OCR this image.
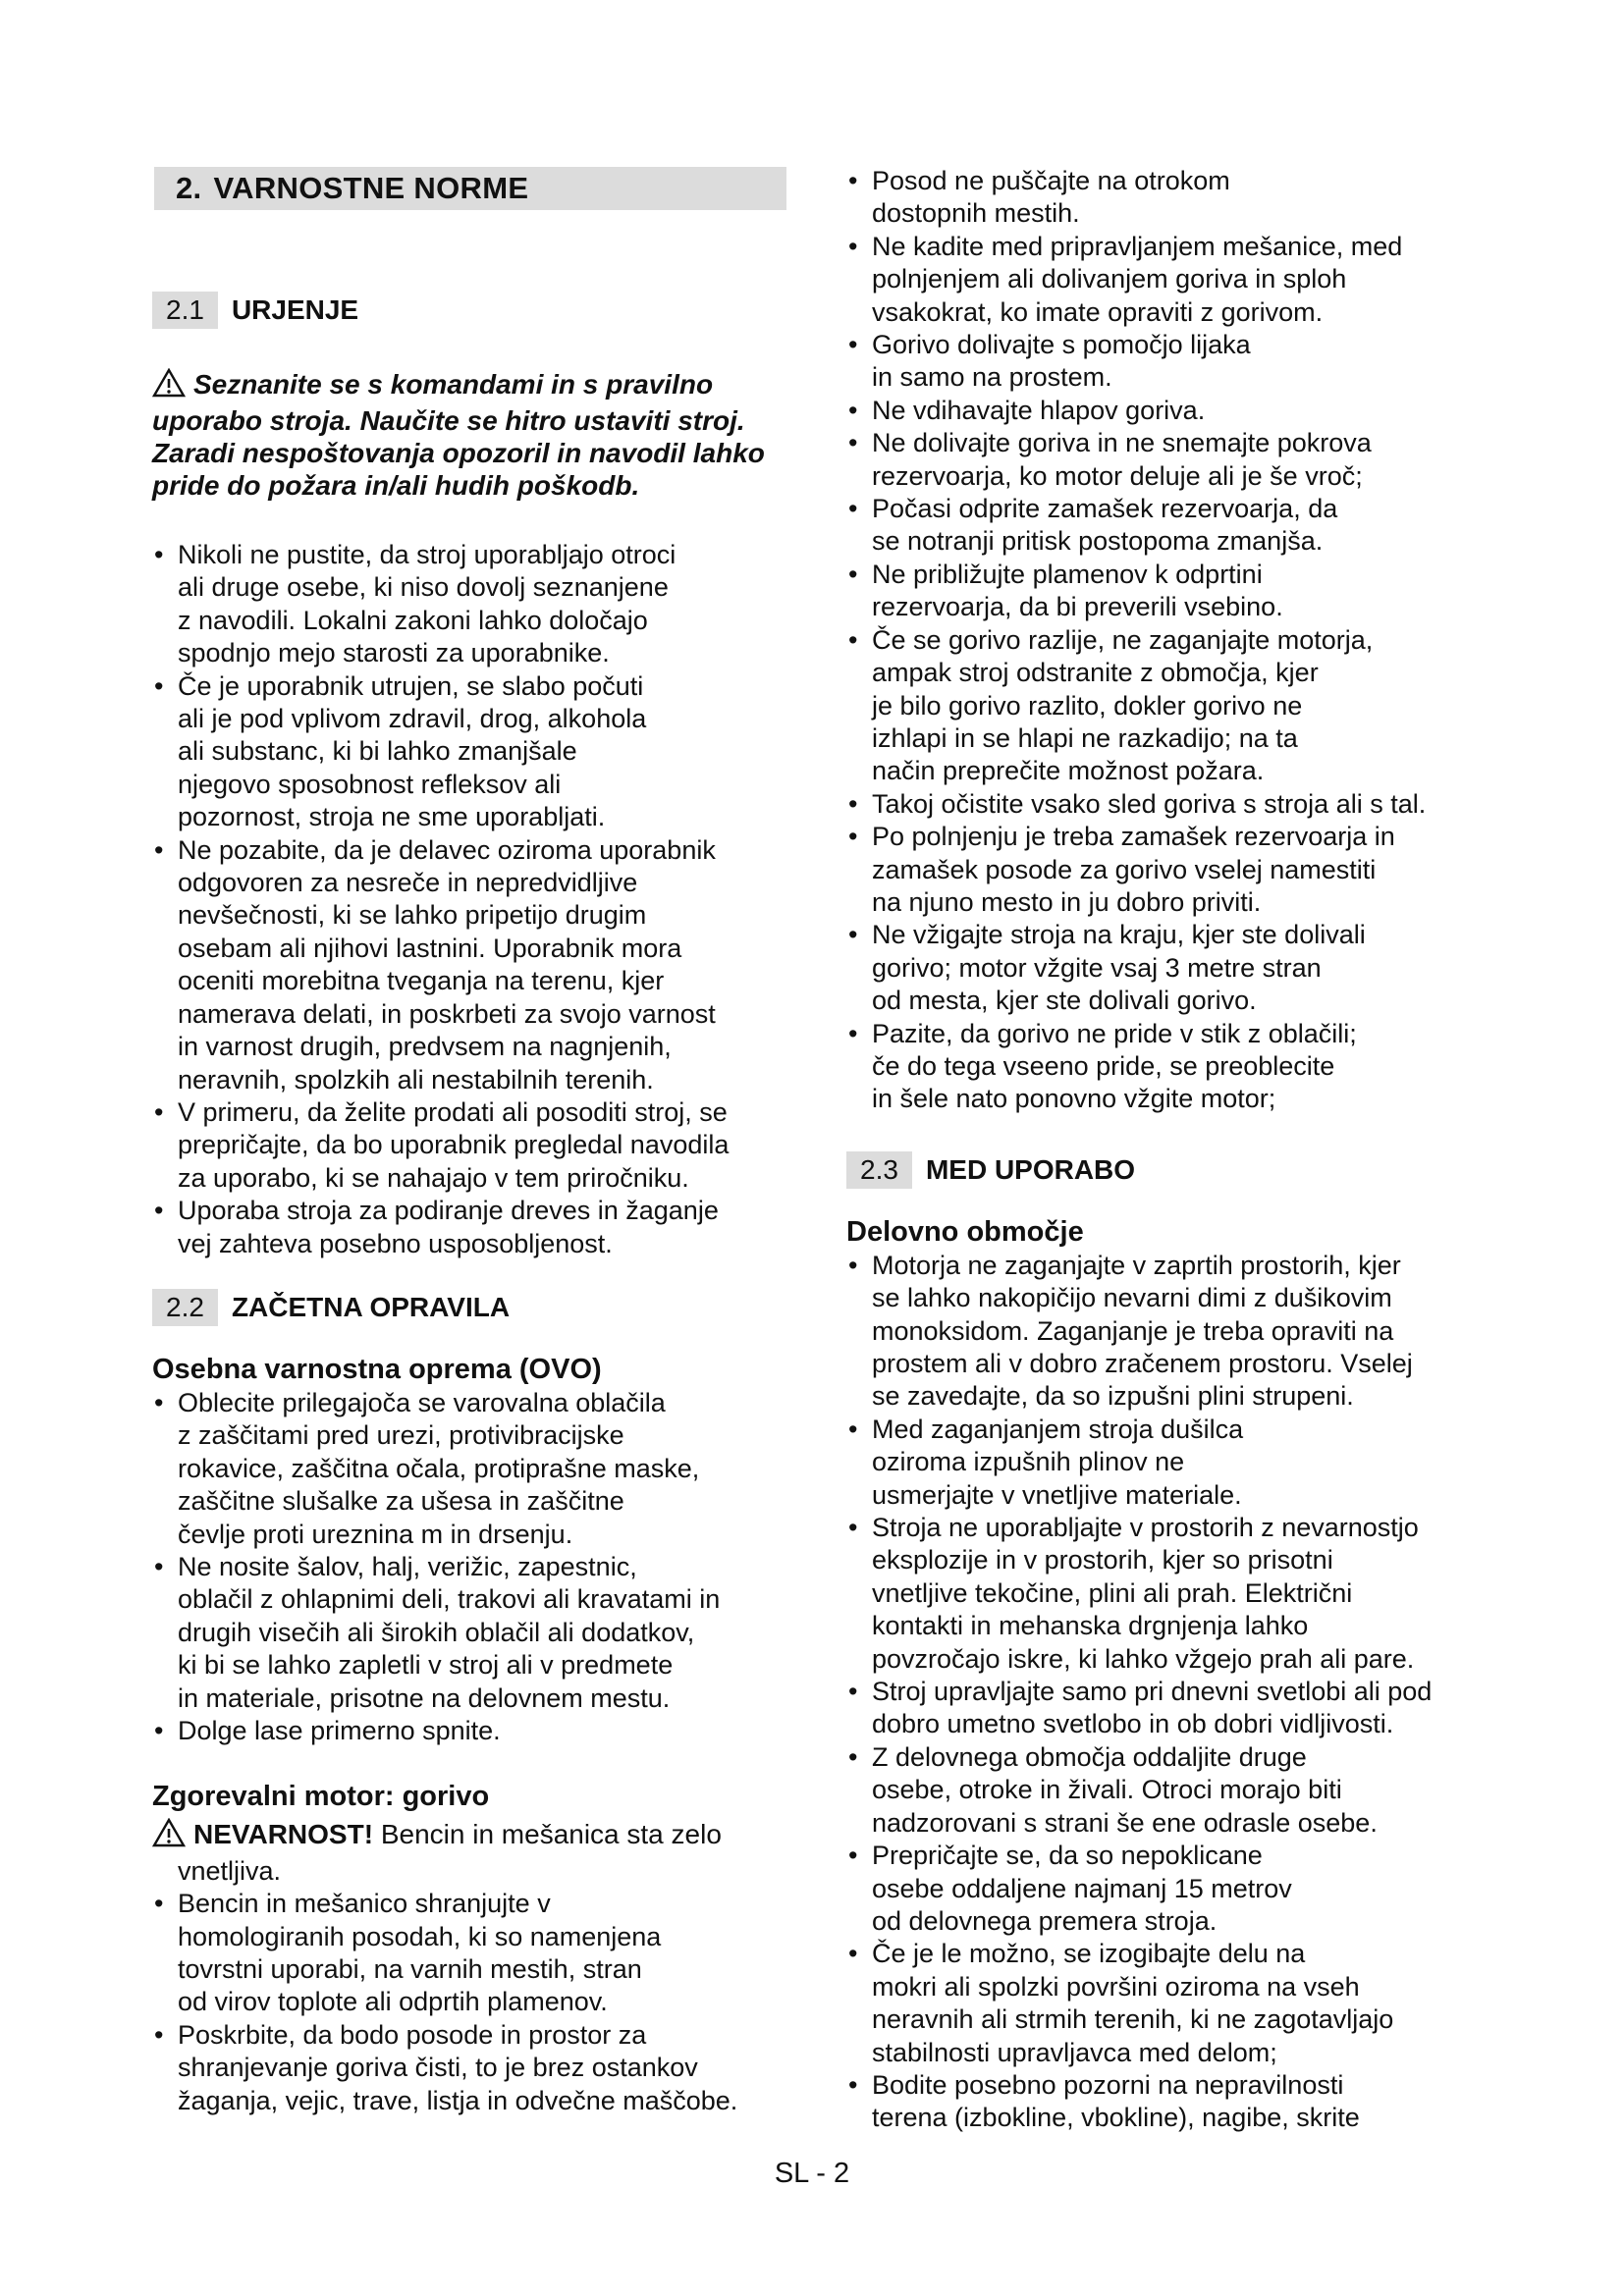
2. VARNOSTNE NORME
2.1	URJENJE
Seznanite se s komandami in s pravilno uporabo stroja. Naučite se hitro ustaviti stroj. Zaradi nespoštovanja opozoril in navodil lahko pride do požara in/ali hudih poškodb.
• Nikoli ne pustite, da stroj uporabljajo otroci
ali druge osebe, ki niso dovolj seznanjene
z navodili. Lokalni zakoni lahko določajo
spodnjo mejo starosti za uporabnike.
• Če je uporabnik utrujen, se slabo počuti
ali je pod vplivom zdravil, drog, alkohola
ali substanc, ki bi lahko zmanjšale
njegovo sposobnost refleksov ali
pozornost, stroja ne sme uporabljati.
• Ne pozabite, da je delavec oziroma uporabnik
odgovoren za nesreče in nepredvidljive
nevšečnosti, ki se lahko pripetijo drugim
osebam ali njihovi lastnini. Uporabnik mora
oceniti morebitna tveganja na terenu, kjer
namerava delati, in poskrbeti za svojo varnost
in varnost drugih, predvsem na nagnjenih,
neravnih, spolzkih ali nestabilnih terenih.
• V primeru, da želite prodati ali posoditi stroj, se
prepričajte, da bo uporabnik pregledal navodila
za uporabo, ki se nahajajo v tem priročniku.
• Uporaba stroja za podiranje dreves in žaganje
vej zahteva posebno usposobljenost.
2.2	ZAČETNA OPRAVILA
Osebna varnostna oprema (OVO)
• Oblecite prilegajoča se varovalna oblačila
z zaščitami pred urezi, protivibracijske
rokavice, zaščitna očala, protiprašne maske,
zaščitne slušalke za ušesa in zaščitne
čevlje proti ureznina m in drsenju.
• Ne nosite šalov, halj, verižic, zapestnic,
oblačil z ohlapnimi deli, trakovi ali kravatami in
drugih visečih ali širokih oblačil ali dodatkov,
ki bi se lahko zapletli v stroj ali v predmete
in materiale, prisotne na delovnem mestu.
• Dolge lase primerno spnite.
Zgorevalni motor: gorivo
NEVARNOST! Bencin in mešanica sta zelo
vnetljiva.
• Bencin in mešanico shranjujte v
homologiranih posodah, ki so namenjena
tovrstni uporabi, na varnih mestih, stran
od virov toplote ali odprtih plamenov.
• Poskrbite, da bodo posode in prostor za
shranjevanje goriva čisti, to je brez ostankov
žaganja, vejic, trave, listja in odvečne maščobe.
• Posod ne puščajte na otrokom
dostopnih mestih.
• Ne kadite med pripravljanjem mešanice, med
polnjenjem ali dolivanjem goriva in sploh
vsakokrat, ko imate opraviti z gorivom.
• Gorivo dolivajte s pomočjo lijaka
in samo na prostem.
• Ne vdihavajte hlapov goriva.
• Ne dolivajte goriva in ne snemajte pokrova
rezervoarja, ko motor deluje ali je še vroč;
• Počasi odprite zamašek rezervoarja, da
se notranji pritisk postopoma zmanjša.
• Ne približujte plamenov k odprtini
rezervoarja, da bi preverili vsebino.
• Če se gorivo razlije, ne zaganjajte motorja,
ampak stroj odstranite z območja, kjer
je bilo gorivo razlito, dokler gorivo ne
izhlapi in se hlapi ne razkadijo; na ta
način preprečite možnost požara.
• Takoj očistite vsako sled goriva s stroja ali s tal.
• Po polnjenju je treba zamašek rezervoarja in
zamašek posode za gorivo vselej namestiti
na njuno mesto in ju dobro priviti.
• Ne vžigajte stroja na kraju, kjer ste dolivali
gorivo; motor vžgite vsaj 3 metre stran
od mesta, kjer ste dolivali gorivo.
• Pazite, da gorivo ne pride v stik z oblačili;
če do tega vseeno pride, se preoblecite
in šele nato ponovno vžgite motor;
2.3	MED UPORABO
Delovno območje
• Motorja ne zaganjajte v zaprtih prostorih, kjer
se lahko nakopičijo nevarni dimi z dušikovim
monoksidom. Zaganjanje je treba opraviti na
prostem ali v dobro zračenem prostoru. Vselej
se zavedajte, da so izpušni plini strupeni.
• Med zaganjanjem stroja dušilca
oziroma izpušnih plinov ne
usmerjajte v vnetljive materiale.
• Stroja ne uporabljajte v prostorih z nevarnostjo
eksplozije in v prostorih, kjer so prisotni
vnetljive tekočine, plini ali prah. Električni
kontakti in mehanska drgnjenja lahko
povzročajo iskre, ki lahko vžgejo prah ali pare.
• Stroj upravljajte samo pri dnevni svetlobi ali pod
dobro umetno svetlobo in ob dobri vidljivosti.
• Z delovnega območja oddaljite druge
osebe, otroke in živali. Otroci morajo biti
nadzorovani s strani še ene odrasle osebe.
• Prepričajte se, da so nepoklicane
osebe oddaljene najmanj 15 metrov
od delovnega premera stroja.
• Če je le možno, se izogibajte delu na
mokri ali spolzki površini oziroma na vseh
neravnih ali strmih terenih, ki ne zagotavljajo
stabilnosti upravljavca med delom;
• Bodite posebno pozorni na nepravilnosti
terena (izbokline, vbokline), nagibe, skrite
SL - 2
